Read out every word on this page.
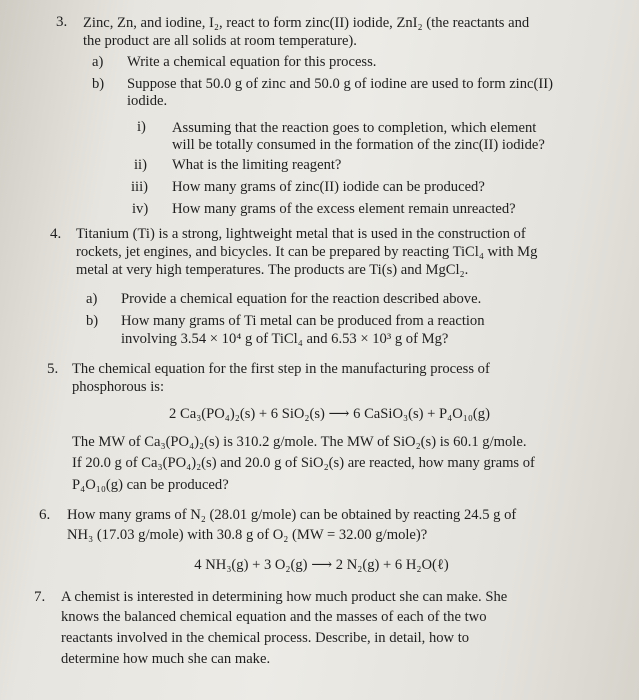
3. Zinc, Zn, and iodine, I₂, react to form zinc(II) iodide, ZnI₂ (the reactants and
the product are all solids at room temperature).
a) Write a chemical equation for this process.
b) Suppose that 50.0 g of zinc and 50.0 g of iodine are used to form zinc(II)
iodide.
i) Assuming that the reaction goes to completion, which element
will be totally consumed in the formation of the zinc(II) iodide?
ii) What is the limiting reagent?
iii) How many grams of zinc(II) iodide can be produced?
iv) How many grams of the excess element remain unreacted?
4. Titanium (Ti) is a strong, lightweight metal that is used in the construction of
rockets, jet engines, and bicycles. It can be prepared by reacting TiCl₄ with Mg
metal at very high temperatures. The products are Ti(s) and MgCl₂.
a) Provide a chemical equation for the reaction described above.
b) How many grams of Ti metal can be produced from a reaction
involving 3.54 × 10⁴ g of TiCl₄ and 6.53 × 10³ g of Mg?
5. The chemical equation for the first step in the manufacturing process of
phosphorous is:
2 Ca₃(PO₄)₂(s) + 6 SiO₂(s) ⟶ 6 CaSiO₃(s) + P₄O₁₀(g)
The MW of Ca₃(PO₄)₂(s) is 310.2 g/mole. The MW of SiO₂(s) is 60.1 g/mole.
If 20.0 g of Ca₃(PO₄)₂(s) and 20.0 g of SiO₂(s) are reacted, how many grams of
P₄O₁₀(g) can be produced?
6. How many grams of N₂ (28.01 g/mole) can be obtained by reacting 24.5 g of
NH₃ (17.03 g/mole) with 30.8 g of O₂ (MW = 32.00 g/mole)?
4 NH₃(g) + 3 O₂(g) ⟶ 2 N₂(g) + 6 H₂O(ℓ)
7. A chemist is interested in determining how much product she can make. She
knows the balanced chemical equation and the masses of each of the two
reactants involved in the chemical process. Describe, in detail, how to
determine how much she can make.
